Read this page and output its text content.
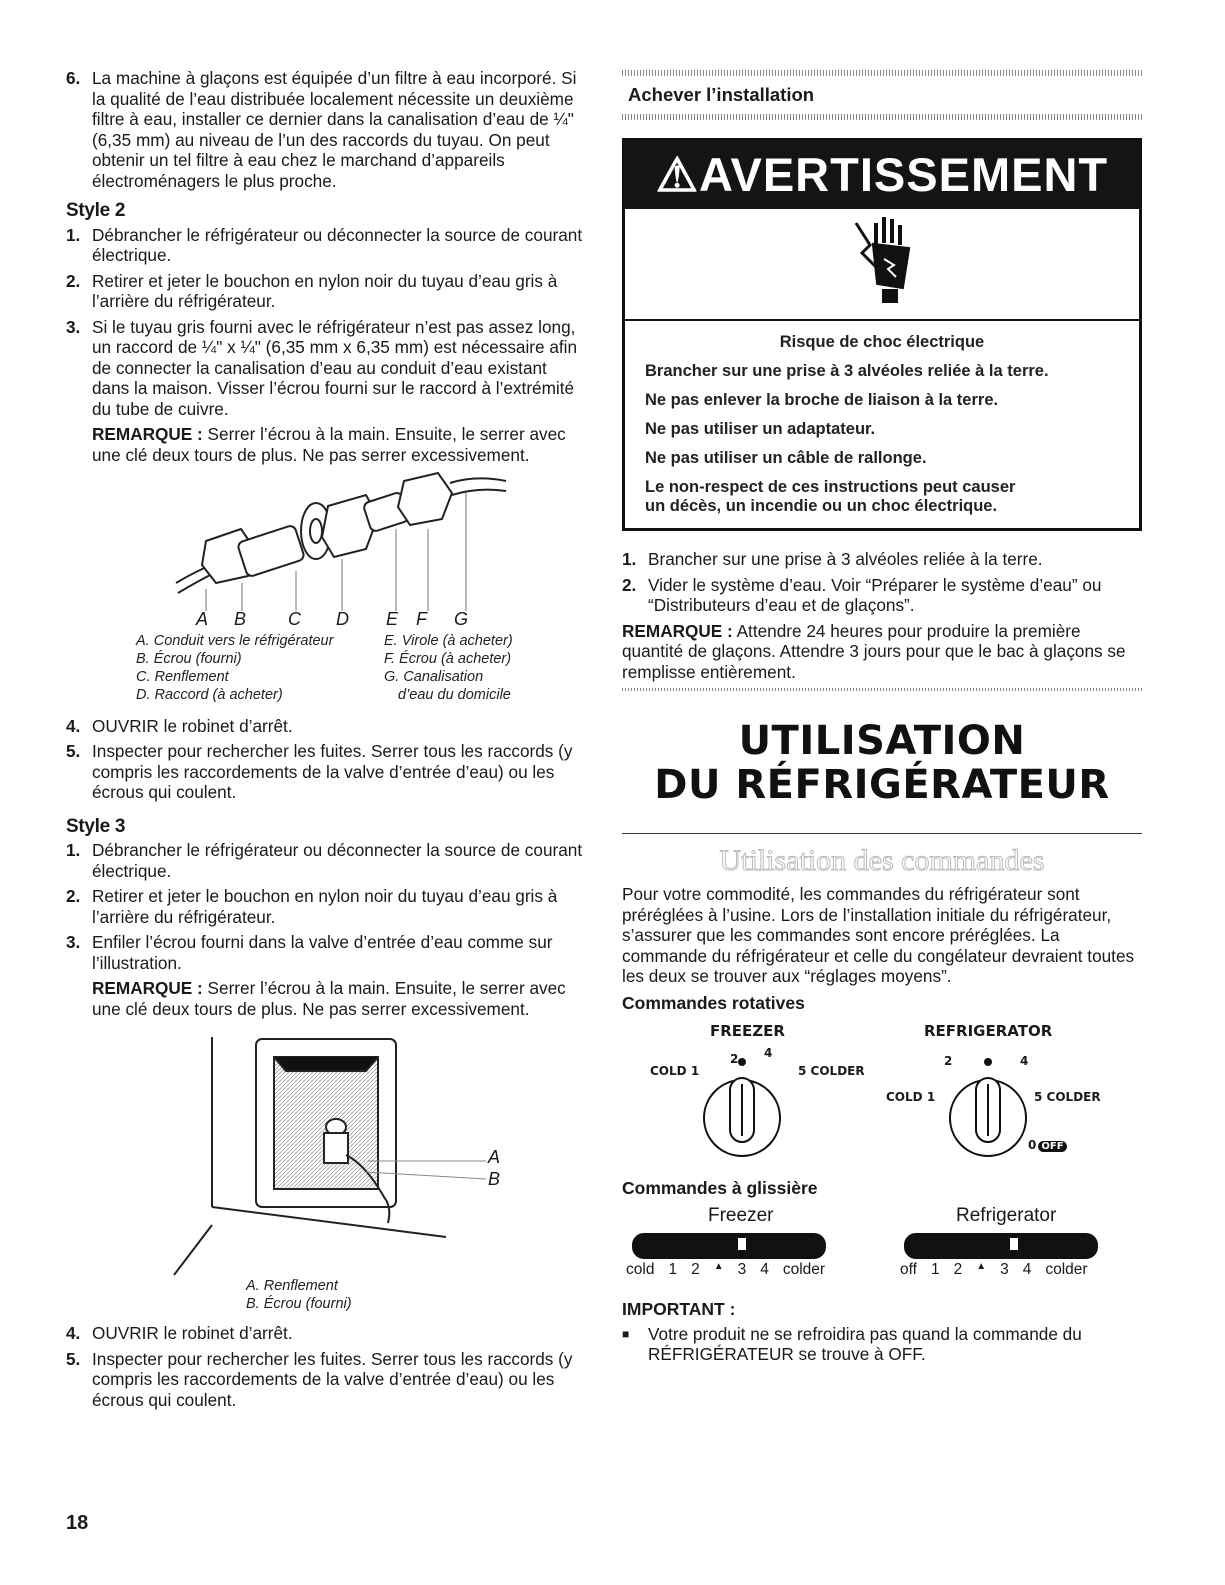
6. La machine à glaçons est équipée d’un filtre à eau incorporé. Si la qualité de l’eau distribuée localement nécessite un deuxième filtre à eau, installer ce dernier dans la canalisation d’eau de ¼" (6,35 mm) au niveau de l’un des raccords du tuyau. On peut obtenir un tel filtre à eau chez le marchand d’appareils électroménagers le plus proche.
Style 2
1. Débrancher le réfrigérateur ou déconnecter la source de courant électrique.
2. Retirer et jeter le bouchon en nylon noir du tuyau d’eau gris à l’arrière du réfrigérateur.
3. Si le tuyau gris fourni avec le réfrigérateur n’est pas assez long, un raccord de ¼" x ¼" (6,35 mm x 6,35 mm) est nécessaire afin de connecter la canalisation d’eau au conduit d’eau existant dans la maison. Visser l’écrou fourni sur le raccord à l’extrémité du tube de cuivre.
REMARQUE : Serrer l’écrou à la main. Ensuite, le serrer avec une clé deux tours de plus. Ne pas serrer excessivement.
A	B	C	D	E F	G
A. Conduit vers le réfrigérateur
B. Écrou (fourni)
C. Renflement
D. Raccord (à acheter)
E. Virole (à acheter)
F. Écrou (à acheter)
G. Canalisation
d’eau du domicile
4. OUVRIR le robinet d’arrêt.
5. Inspecter pour rechercher les fuites. Serrer tous les raccords (y compris les raccordements de la valve d’entrée d’eau) ou les écrous qui coulent.
Style 3
1. Débrancher le réfrigérateur ou déconnecter la source de courant électrique.
2. Retirer et jeter le bouchon en nylon noir du tuyau d’eau gris à l’arrière du réfrigérateur.
3. Enfiler l’écrou fourni dans la valve d’entrée d’eau comme sur l’illustration.
REMARQUE : Serrer l’écrou à la main. Ensuite, le serrer avec une clé deux tours de plus. Ne pas serrer excessivement.
A
B
A. Renflement
B. Écrou (fourni)
4. OUVRIR le robinet d’arrêt.
5. Inspecter pour rechercher les fuites. Serrer tous les raccords (y compris les raccordements de la valve d’entrée d’eau) ou les écrous qui coulent.
18
Achever l’installation
⚠AVERTISSEMENT
Risque de choc électrique
Brancher sur une prise à 3 alvéoles reliée à la terre.
Ne pas enlever la broche de liaison à la terre.
Ne pas utiliser un adaptateur.
Ne pas utiliser un câble de rallonge.
Le non-respect de ces instructions peut causer
un décès, un incendie ou un choc électrique.
1. Brancher sur une prise à 3 alvéoles reliée à la terre.
2. Vider le système d’eau. Voir “Préparer le système d’eau” ou “Distributeurs d’eau et de glaçons”.
REMARQUE : Attendre 24 heures pour produire la première quantité de glaçons. Attendre 3 jours pour que le bac à glaçons se remplisse entièrement.
UTILISATION
DU RÉFRIGÉRATEUR
Utilisation des commandes
Pour votre commodité, les commandes du réfrigérateur sont préréglées à l’usine. Lors de l’installation initiale du réfrigérateur, s’assurer que les commandes sont encore préréglées. La commande du réfrigérateur et celle du congélateur devraient toutes les deux se trouver aux “réglages moyens”.
Commandes rotatives
FREEZER	REFRIGERATOR
2 4
COLD 1	5 COLDER
2	4
COLD 1	5 COLDER
0 OFF
Commandes à glissière
Freezer	Refrigerator
cold 1 2 ▲ 3 4 colder	off 1 2 ▲ 3 4 colder
IMPORTANT :
■	Votre produit ne se refroidira pas quand la commande du RÉFRIGÉRATEUR se trouve à OFF.
